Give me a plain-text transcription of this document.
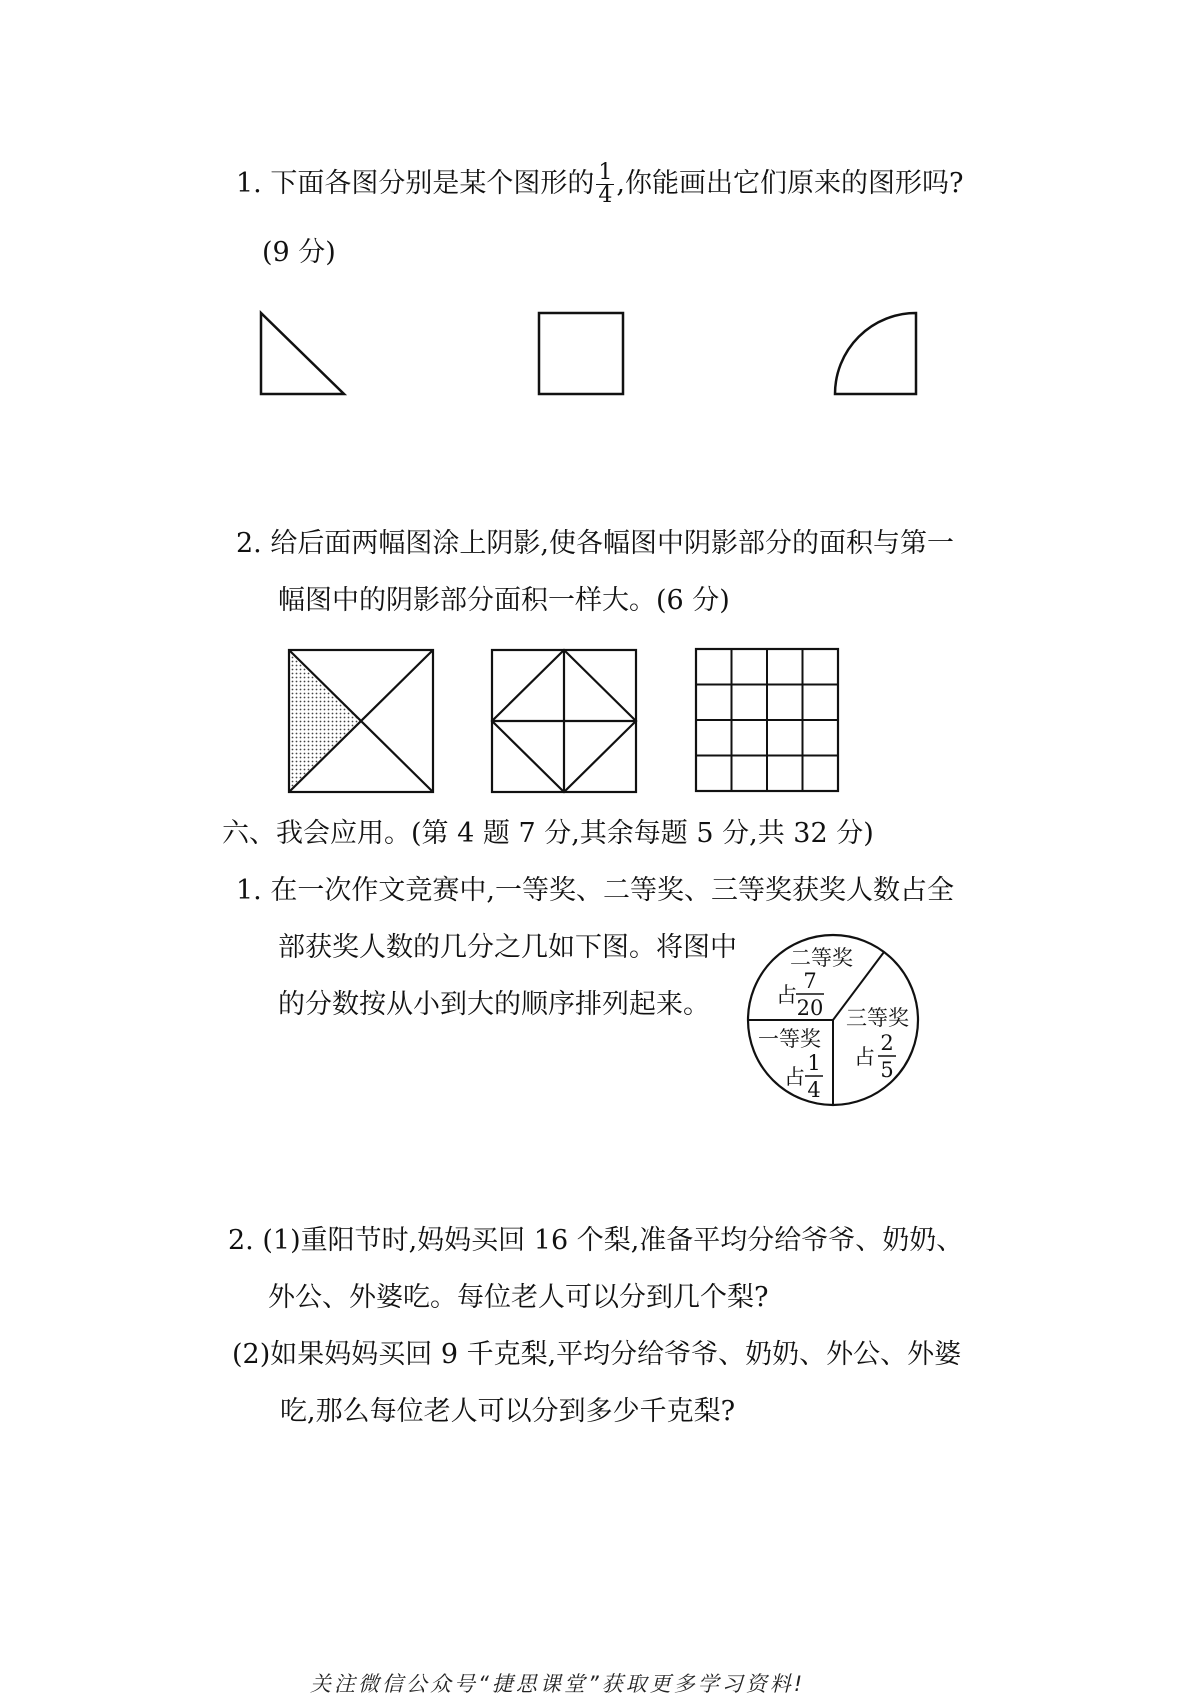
1. 下面各图分别是某个图形的 $\frac{1}{4}$ ,你能画出它们原来的图形吗?
(9 分)
2. 给后面两幅图涂上阴影,使各幅图中阴影部分的面积与第一
幅图中的阴影部分面积一样大。(6 分)
六、我会应用。(第 4 题 7 分,其余每题 5 分,共 32 分)
1. 在一次作文竞赛中,一等奖、二等奖、三等奖获奖人数占全
部获奖人数的几分之几如下图。将图中
的分数按从小到大的顺序排列起来。
二等奖
占
7
20 三等奖
占
2
5
一等奖
占
1
4
2. (1)重阳节时,妈妈买回 16 个梨,准备平均分给爷爷、奶奶、
外公、外婆吃。每位老人可以分到几个梨?
(2)如果妈妈买回 9 千克梨,平均分给爷爷、奶奶、外公、外婆
吃,那么每位老人可以分到多少千克梨?
关注微信公众号“捷思课堂”获取更多学习资料!
